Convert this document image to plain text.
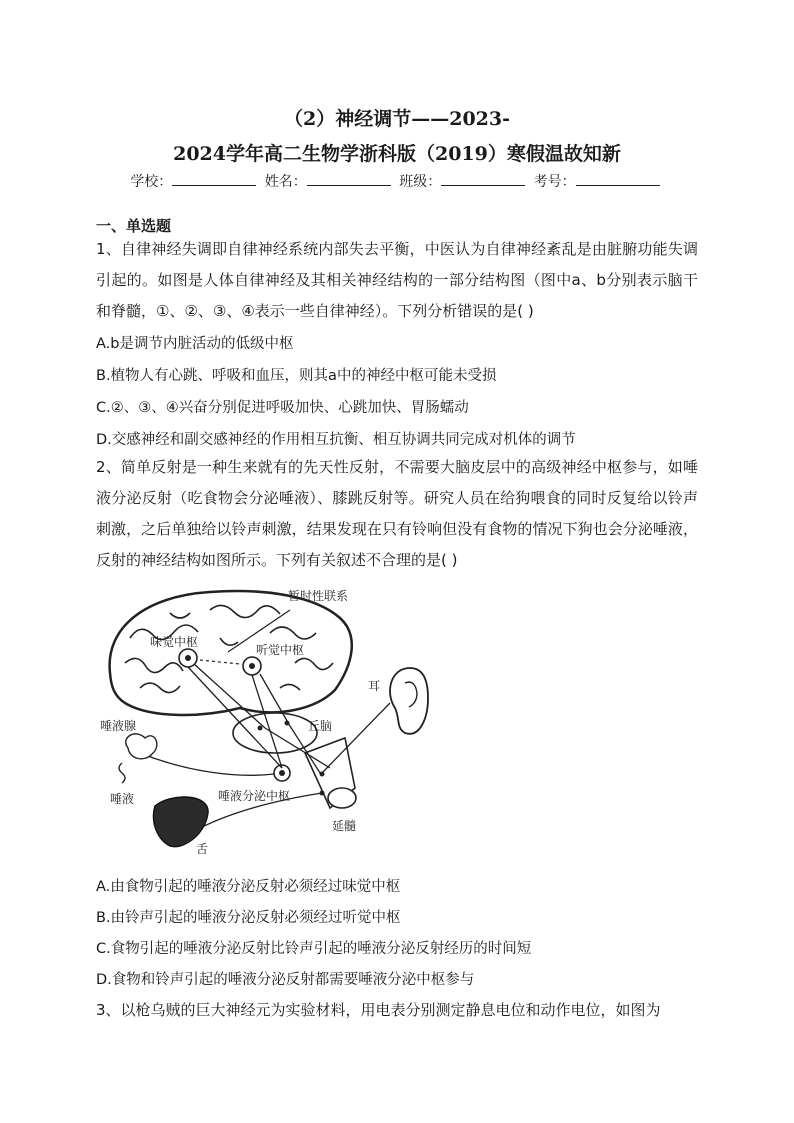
（2）神经调节——2023-
2024学年高二生物学浙科版（2019）寒假温故知新
学校：	姓名：	班级：	考号：
一、单选题

1、自律神经失调即自律神经系统内部失去平衡，中医认为自律神经紊乱是由脏腑功能失调引起的。如图是人体自律神经及其相关神经结构的一部分结构图（图中a、b分别表示脑干和脊髓，①、②、③、④表示一些自律神经）。下列分析错误的是( )

A.b是调节内脏活动的低级中枢
B.植物人有心跳、呼吸和血压，则其a中的神经中枢可能未受损
C.②、③、④兴奋分别促进呼吸加快、心跳加快、胃肠蠕动
D.交感神经和副交感神经的作用相互抗衡、相互协调共同完成对机体的调节

2、简单反射是一种生来就有的先天性反射，不需要大脑皮层中的高级神经中枢参与，如唾液分泌反射（吃食物会分泌唾液）、膝跳反射等。研究人员在给狗喂食的同时反复给以铃声刺激，之后单独给以铃声刺激，结果发现在只有铃响但没有食物的情况下狗也会分泌唾液，反射的神经结构如图所示。下列有关叙述不合理的是( )

暂时性联系
味觉中枢
听觉中枢
丘脑
延髓
唾液分泌中枢
耳
唾液腺
唾液
舌
A.由食物引起的唾液分泌反射必须经过味觉中枢
B.由铃声引起的唾液分泌反射必须经过听觉中枢
C.食物引起的唾液分泌反射比铃声引起的唾液分泌反射经历的时间短
D.食物和铃声引起的唾液分泌反射都需要唾液分泌中枢参与
3、以枪乌贼的巨大神经元为实验材料，用电表分别测定静息电位和动作电位，如图为
